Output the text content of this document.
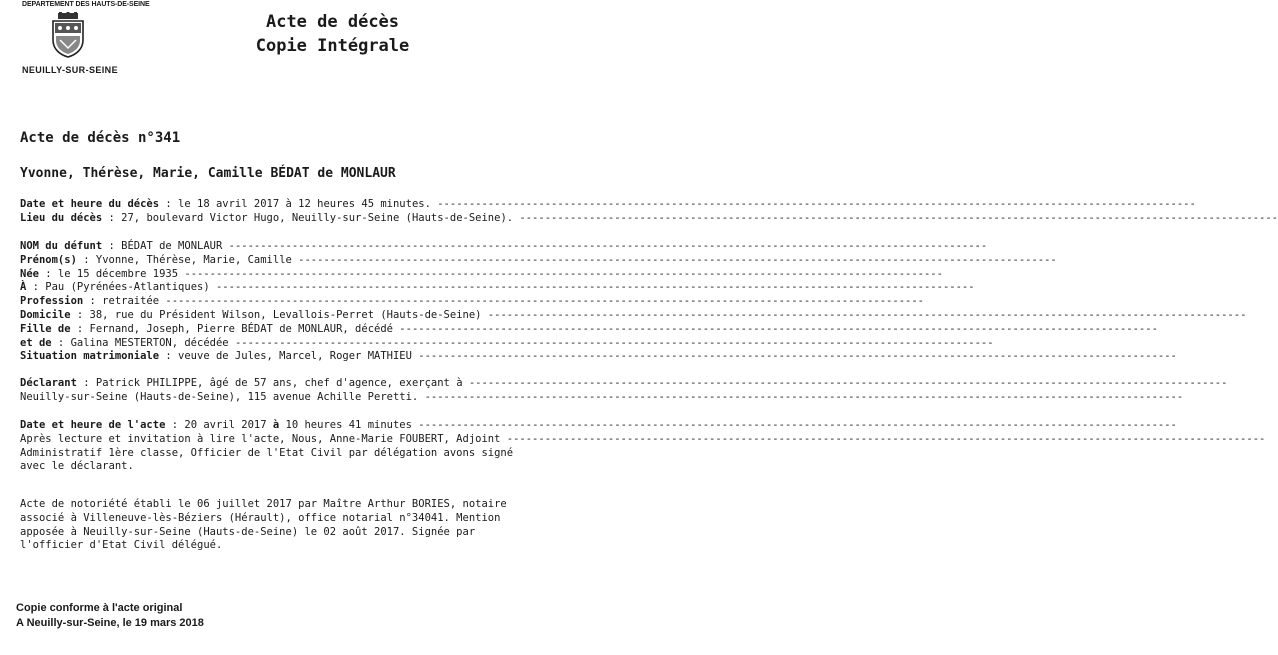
DEPARTEMENT DES HAUTS-DE-SEINE
NEUILLY-SUR-SEINE
Acte de décès
Copie Intégrale
Acte de décès n°341
Yvonne, Thérèse, Marie, Camille BÉDAT de MONLAUR
Date et heure du décès : le 18 avril 2017 à 12 heures 45 minutes. ------------------------------------------------------------------------------------------------------------------------
Lieu du décès : 27, boulevard Victor Hugo, Neuilly-sur-Seine (Hauts-de-Seine). ------------------------------------------------------------------------------------------------------------------------
NOM du défunt : BÉDAT de MONLAUR ------------------------------------------------------------------------------------------------------------------------
Prénom(s) : Yvonne, Thérèse, Marie, Camille ------------------------------------------------------------------------------------------------------------------------
Née : le 15 décembre 1935 ------------------------------------------------------------------------------------------------------------------------
À : Pau (Pyrénées-Atlantiques) ------------------------------------------------------------------------------------------------------------------------
Profession : retraitée ------------------------------------------------------------------------------------------------------------------------
Domicile : 38, rue du Président Wilson, Levallois-Perret (Hauts-de-Seine) ------------------------------------------------------------------------------------------------------------------------
Fille de : Fernand, Joseph, Pierre BÉDAT de MONLAUR, décédé ------------------------------------------------------------------------------------------------------------------------
et de : Galina MESTERTON, décédée ------------------------------------------------------------------------------------------------------------------------
Situation matrimoniale : veuve de Jules, Marcel, Roger MATHIEU ------------------------------------------------------------------------------------------------------------------------
Déclarant : Patrick PHILIPPE, âgé de 57 ans, chef d'agence, exerçant à ------------------------------------------------------------------------------------------------------------------------
Neuilly-sur-Seine (Hauts-de-Seine), 115 avenue Achille Peretti. ------------------------------------------------------------------------------------------------------------------------
Date et heure de l'acte : 20 avril 2017 à 10 heures 41 minutes ------------------------------------------------------------------------------------------------------------------------
Après lecture et invitation à lire l'acte, Nous, Anne-Marie FOUBERT, Adjoint ------------------------------------------------------------------------------------------------------------------------
Administratif 1ère classe, Officier de l'Etat Civil par délégation avons signé
avec le déclarant.
Acte de notoriété établi le 06 juillet 2017 par Maître Arthur BORIES, notaire
associé à Villeneuve-lès-Béziers (Hérault), office notarial n°34041. Mention
apposée à Neuilly-sur-Seine (Hauts-de-Seine) le 02 août 2017. Signée par
l'officier d'Etat Civil délégué.
Copie conforme à l'acte original
A Neuilly-sur-Seine, le 19 mars 2018
